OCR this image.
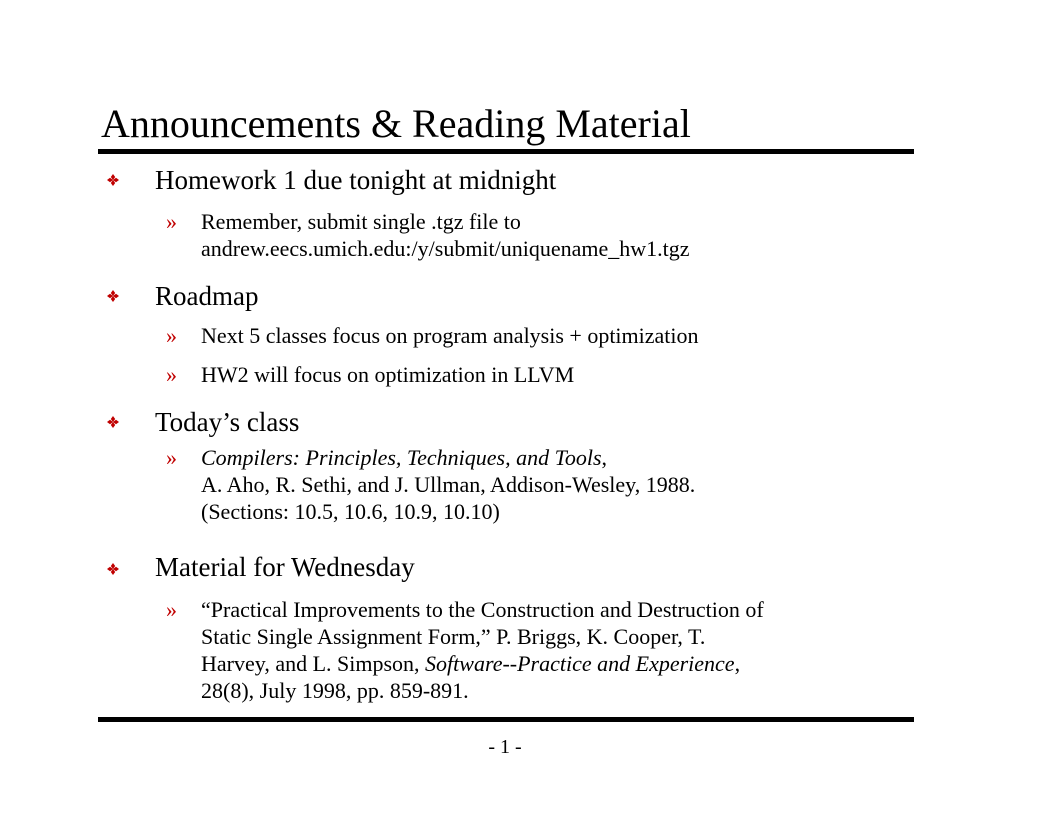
Announcements & Reading Material
Homework 1 due tonight at midnight
» Remember, submit single .tgz file to
andrew.eecs.umich.edu:/y/submit/uniquename_hw1.tgz
Roadmap
» Next 5 classes focus on program analysis + optimization
» HW2 will focus on optimization in LLVM
Today’s class
» Compilers: Principles, Techniques, and Tools,
A. Aho, R. Sethi, and J. Ullman, Addison-Wesley, 1988.
(Sections: 10.5, 10.6, 10.9, 10.10)
Material for Wednesday
» “Practical Improvements to the Construction and Destruction of
Static Single Assignment Form,” P. Briggs, K. Cooper, T.
Harvey, and L. Simpson, Software--Practice and Experience,
28(8), July 1998, pp. 859-891.
- 1 -
